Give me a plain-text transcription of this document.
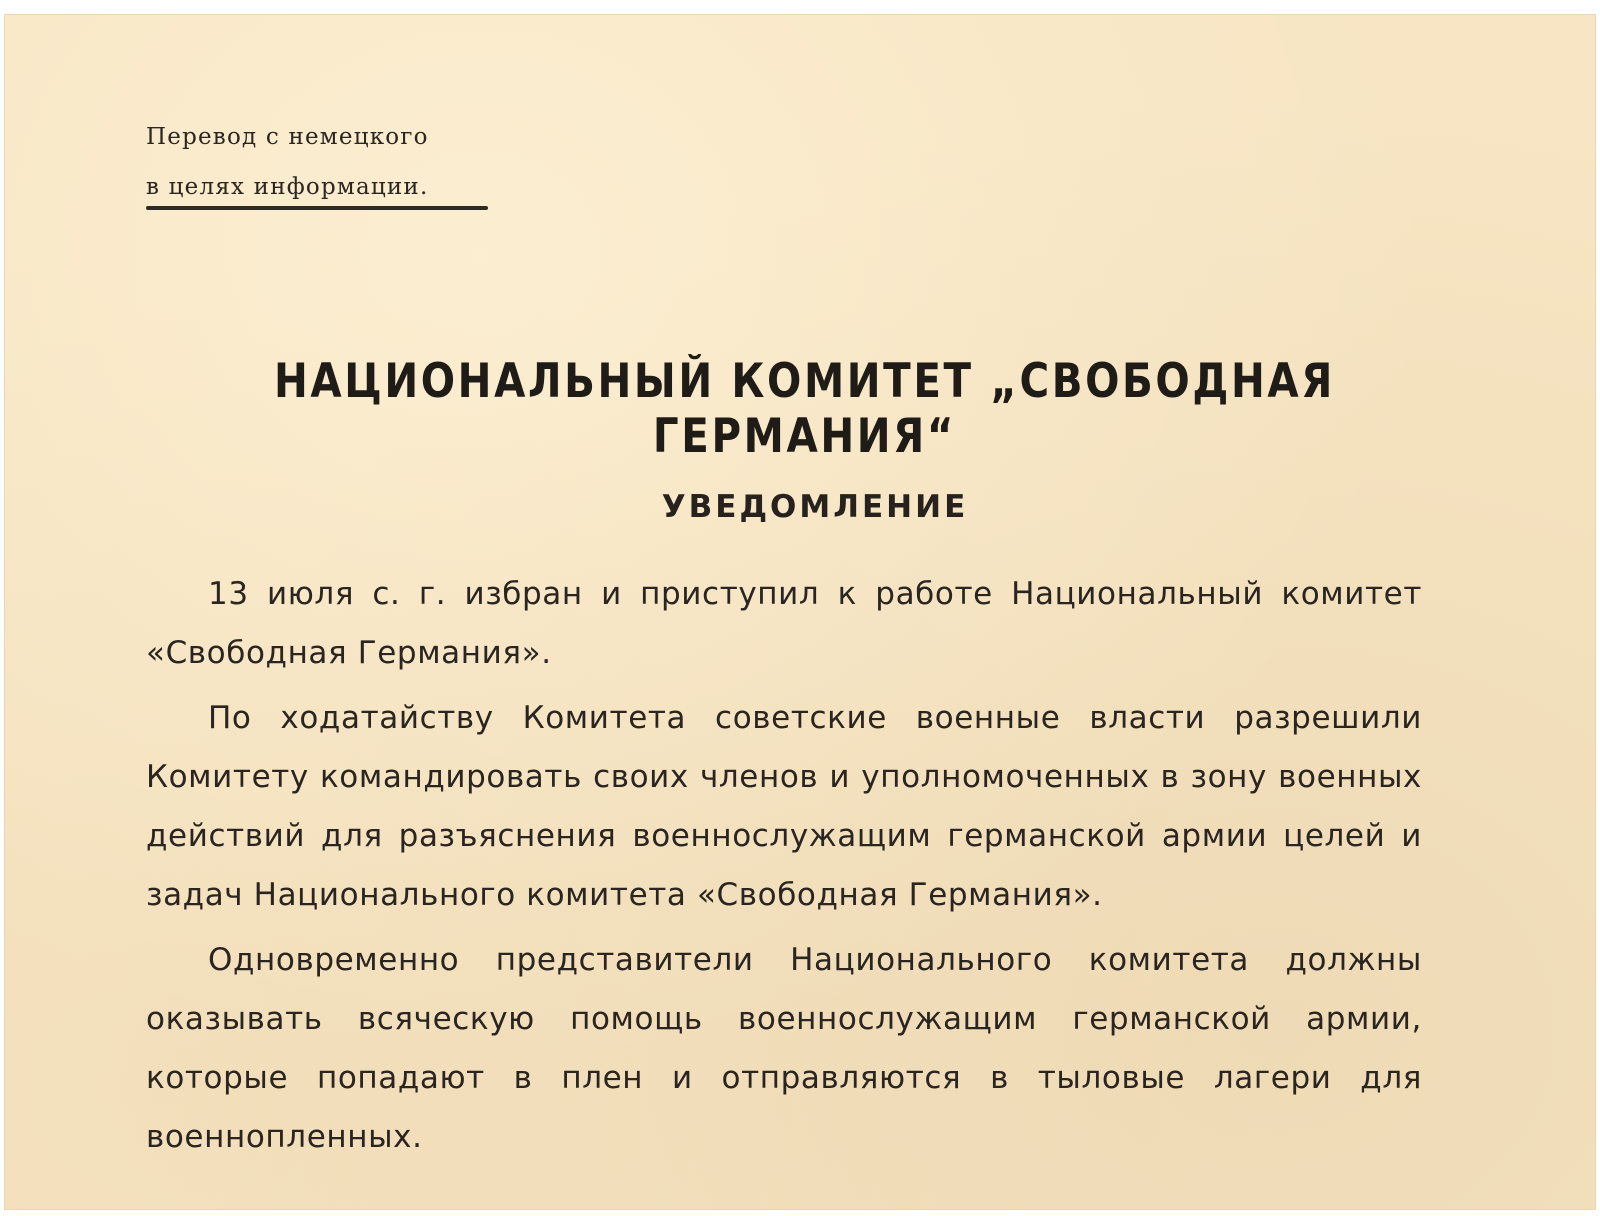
Перевод с немецкого
в целях информации.
НАЦИОНАЛЬНЫЙ КОМИТЕТ „СВОБОДНАЯ ГЕРМАНИЯ“
УВЕДОМЛЕНИЕ

13 июля с. г. избран и приступил к работе Национальный комитет «Свободная Германия».

По ходатайству Комитета советские военные власти разрешили Комитету командировать своих членов и уполномоченных в зону военных действий для разъяснения военнослужащим германской армии целей и задач Национального комитета «Свободная Германия».

Одновременно представители Национального комитета должны оказывать всяческую помощь военнослужащим германской армии, которые попадают в плен и отправляются в тыловые лагери для военнопленных.
